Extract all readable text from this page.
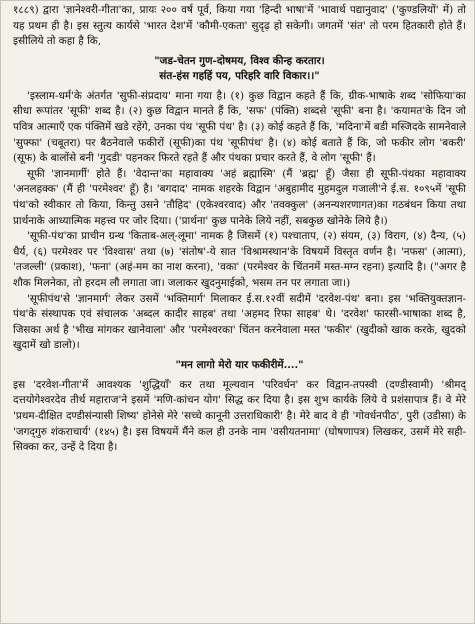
१८८९) द्वारा 'ज्ञानेश्वरी-गीता'का, प्रायः २०० वर्ष पूर्व, किया गया 'हिन्दी भाषा'में 'भावार्थ पद्यानुवाद' ('कुण्डलियों' में) तो यह प्रथम ही है। इस स्तुत्य कार्यसे 'भारत देश'में 'कौमी-एकता' सुदृढ़ हो सकेगी। जगतमें 'संत' तो परम हितकारी होते हैं। इसीलिये तो कहा है कि,

"जड-चेतन गुण-दोषमय, विश्व कीन्ह करतार।
संत-हंस गहहिं पय, परिहरि वारि विकार।।"

'इस्लाम-धर्म'के अंतर्गत 'सुफी-संप्रदाय' माना गया है। (१) कुछ विद्वान कहते हैं कि, ग्रीक-भाषाके शब्द 'सोफिया'का सीधा रूपांतर 'सूफी' शब्द है। (२) कुछ विद्वान मानते हैं कि, 'सफ' (पंक्ति) शब्दसे 'सूफी' बना है। 'कयामत'के दिन जो पवित्र आत्माएँ एक पंक्तिमें खडे रहेंगे, उनका पंथ 'सूफी पंथ' है। (३) कोई कहते हैं कि, 'मदिना'में बडी मस्जिदके सामनेवाले 'सुफ्फा' (चबूतरा) पर बैठनेवाले फकीरों (सूफी)का पंथ 'सूफीपंथ' है। (४) कोई बताते हैं कि, जो फकीर लोग 'बकरी' (सूफ) के बालोंसे बनी 'गुदडी' पहनकर फिरते रहते हैं और पंथका प्रचार करते हैं, वे लोग 'सूफी' हैं।

सूफी 'ज्ञानमार्गी' होते हैं। 'वेदान्त'का महावाक्य 'अहं ब्रह्मास्मि' (मैं 'ब्रह्म' हूँ) जैसा ही सूफी-पंथका महावाक्य 'अनलहक्क' (मैं ही 'परमेश्वर' हूँ) है। 'बगदाद' नामक शहरके विद्वान 'अबुहामीद मुहमदुल गजाली'ने ई.स. १०९५में 'सूफी पंथ'को स्वीकार तो किया, किन्तु उसने 'तौहिद' (एकेश्वरवाद) और 'तवक्कुल' (अनन्यशरणागत)का गठबंधन किया तथा प्रार्थनाके आध्यात्मिक महत्त्व पर जोर दिया। ('प्रार्थना' कुछ पानेके लिये नहीं, सबकुछ खोनेके लिये है।)

'सूफी-पंथ'का प्राचीन ग्रन्थ 'किताब-अल्-लूमा' नामक है जिसमें (१) पश्चाताप, (२) संयम, (३) विराग, (४) दैन्य, (५) धैर्य, (६) परमेश्वर पर 'विश्वास' तथा (७) 'संतोष'-ये सात 'विश्रामस्थान'के विषयमें विस्तृत वर्णन है। 'नफस' (आत्मा), 'तजल्ली' (प्रकाश), 'फना' (अहं-मम का नाश करना), 'वका' (परमेश्वर के चिंतनमें मस्त-मग्न रहना) इत्यादि है। ("अगर है शौक मिलनेका, तो हरदम लौ लगाता जा। जलाकर खुदनुमाईको, भसम तन पर लगाता जा।)

'सूफीपंथ'से 'ज्ञानमार्ग' लेकर उसमें 'भक्तिमार्ग' मिलाकर ई.स.१२वीं सदीमें 'दरवेश-पंथ' बना। इस 'भक्तियुक्तज्ञान-पंथ'के संस्थापक एवं संचालक 'अब्दल कादीर साहब' तथा 'अहमद रिफा साहब' थे। 'दरवेश' फारसी-भाषाका शब्द है, जिसका अर्थ है 'भीख मांगकर खानेवाला' और 'परमेश्वरका' चिंतन करनेवाला मस्त 'फकीर' (खुदीको खाक करके, खुदको खुदामें खो डालो)।

"मन लागो मेरो यार फकीरीमें...."

इस 'दरवेश-गीता'में आवश्यक 'शुद्धियाँ' कर तथा मूल्यवान 'परिवर्धन' कर विद्वान-तपस्वी (दण्डीस्वामी) 'श्रीमद् दत्तयोगेश्वरदेव तीर्थ महाराज'ने इसमें 'मणि-कांचन योग' सिद्ध कर दिया है। इस शुभ कार्यके लिये वे प्रशंसापात्र हैं। वे मेरे 'प्रथम-दीक्षित दण्डीसंन्यासी शिष्य' होनेसे मेरे 'सच्चे कानूनी उत्तराधिकारी' है। मेरे बाद वे ही 'गोवर्धनपीठ', पुरी (उडीसा) के 'जगद्‌गुरु शंकराचार्य' (१४५) है। इस विषयमें मैंने कल ही उनके नाम 'वसीयतनामा' (घोषणापत्र) लिखकर, उसमें मेरे सही-सिक्का कर, उन्हें दे दिया है।
